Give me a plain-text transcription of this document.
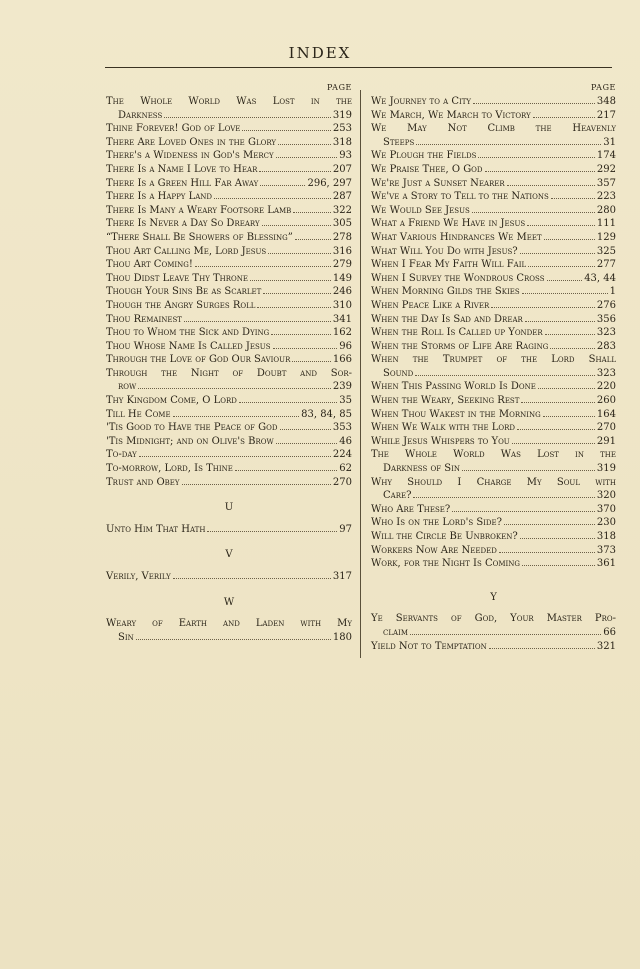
INDEX
PAGE
The Whole World Was Lost in the
Darkness	319
Thine Forever! God of Love	253
There Are Loved Ones in the Glory	318
There's a Wideness in God's Mercy	93
There Is a Name I Love to Hear	207
There Is a Green Hill Far Away	296, 297
There Is a Happy Land	287
There Is Many a Weary Footsore Lamb	322
There Is Never a Day So Dreary	305
“There Shall Be Showers of Blessing”	278
Thou Art Calling Me, Lord Jesus	316
Thou Art Coming!	279
Thou Didst Leave Thy Throne	149
Though Your Sins Be as Scarlet	246
Though the Angry Surges Roll	310
Thou Remainest	341
Thou to Whom the Sick and Dying	162
Thou Whose Name Is Called Jesus	96
Through the Love of God Our Saviour	166
Through the Night of Doubt and Sor-
row	239
Thy Kingdom Come, O Lord	35
Till He Come	83, 84, 85
'Tis Good to Have the Peace of God	353
'Tis Midnight; and on Olive's Brow	46
To-day	224
To-morrow, Lord, Is Thine	62
Trust and Obey	270
U
Unto Him That Hath	97
V
Verily, Verily	317
W
Weary of Earth and Laden with My
Sin	180
PAGE
We Journey to a City	348
We March, We March to Victory	217
We May Not Climb the Heavenly
Steeps	31
We Plough the Fields	174
We Praise Thee, O God	292
We're Just a Sunset Nearer	357
We've a Story to Tell to the Nations	223
We Would See Jesus	280
What a Friend We Have in Jesus	111
What Various Hindrances We Meet	129
What Will You Do with Jesus?	325
When I Fear My Faith Will Fail	277
When I Survey the Wondrous Cross	43, 44
When Morning Gilds the Skies	1
When Peace Like a River	276
When the Day Is Sad and Drear	356
When the Roll Is Called up Yonder	323
When the Storms of Life Are Raging	283
When the Trumpet of the Lord Shall
Sound	323
When This Passing World Is Done	220
When the Weary, Seeking Rest	260
When Thou Wakest in the Morning	164
When We Walk with the Lord	270
While Jesus Whispers to You	291
The Whole World Was Lost in the
Darkness of Sin	319
Why Should I Charge My Soul with
Care?	320
Who Are These?	370
Who Is on the Lord's Side?	230
Will the Circle Be Unbroken?	318
Workers Now Are Needed	373
Work, for the Night Is Coming	361
Y
Ye Servants of God, Your Master Pro-
claim	66
Yield Not to Temptation	321
